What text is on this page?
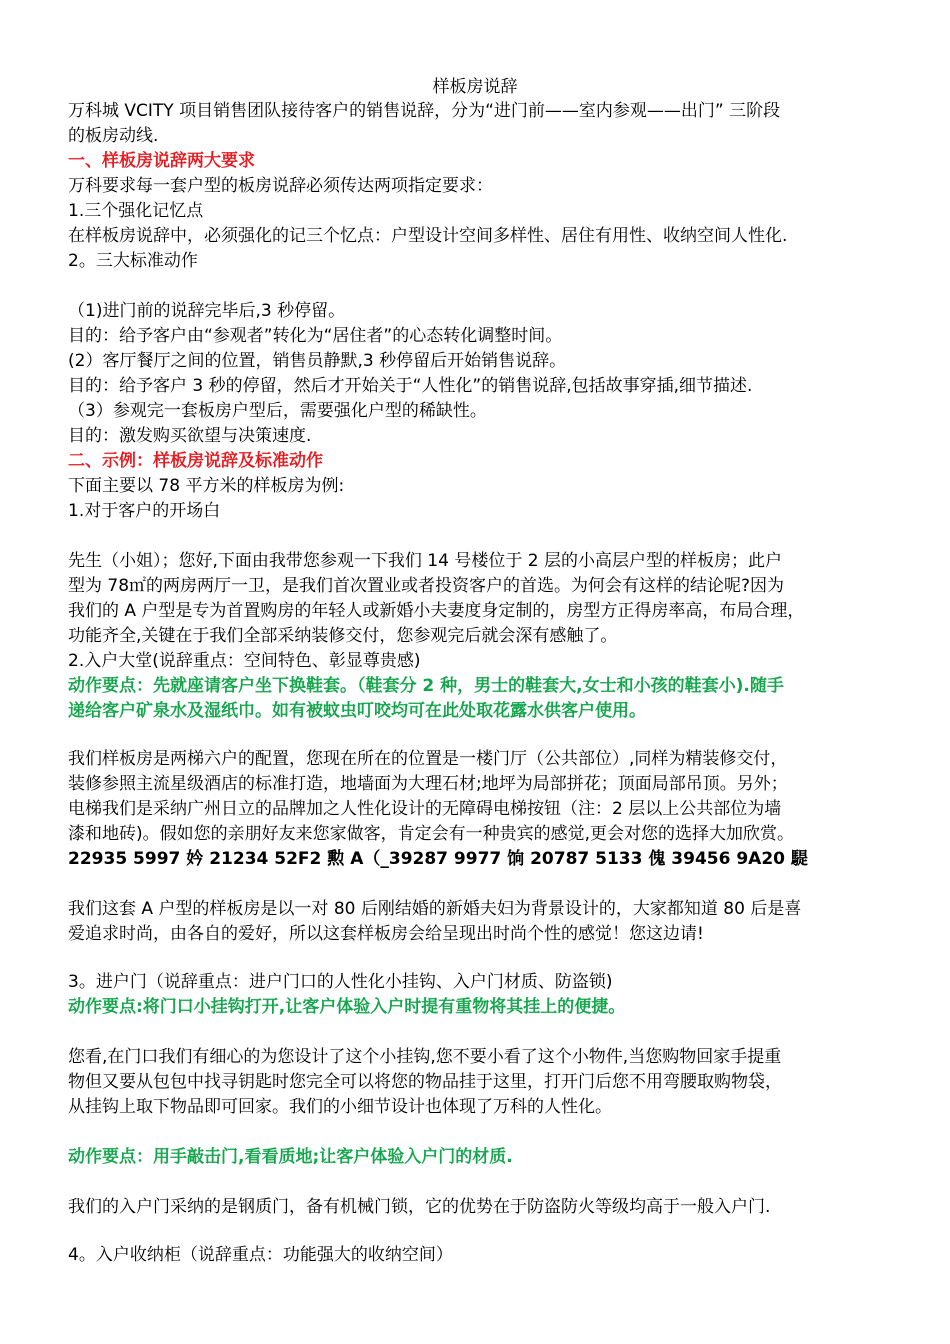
样板房说辞
万科城 VCITY 项目销售团队接待客户的销售说辞，分为“进门前——室内参观——出门” 三阶段
的板房动线.
一、样板房说辞两大要求
万科要求每一套户型的板房说辞必须传达两项指定要求：
1.三个强化记忆点
在样板房说辞中，必须强化的记三个忆点：户型设计空间多样性、居住有用性、收纳空间人性化.
2。三大标准动作
（1)进门前的说辞完毕后,3 秒停留。
目的：给予客户由“参观者”转化为“居住者”的心态转化调整时间。
(2）客厅餐厅之间的位置，销售员静默,3 秒停留后开始销售说辞。
目的：给予客户 3 秒的停留，然后才开始关于“人性化”的销售说辞,包括故事穿插,细节描述.
（3）参观完一套板房户型后，需要强化户型的稀缺性。
目的：激发购买欲望与决策速度.
二、示例：样板房说辞及标准动作
下面主要以 78 平方米的样板房为例:
1.对于客户的开场白
先生（小姐）；您好,下面由我带您参观一下我们 14 号楼位于 2 层的小高层户型的样板房；此户
型为 78㎡的两房两厅一卫，是我们首次置业或者投资客户的首选。为何会有这样的结论呢?因为
我们的 A 户型是专为首置购房的年轻人或新婚小夫妻度身定制的，房型方正得房率高，布局合理，
功能齐全,关键在于我们全部采纳装修交付，您参观完后就会深有感触了。
2.入户大堂(说辞重点：空间特色、彰显尊贵感)
动作要点：先就座请客户坐下换鞋套。（鞋套分 2 种，男士的鞋套大,女士和小孩的鞋套小).随手
递给客户矿泉水及湿纸巾。如有被蚊虫叮咬均可在此处取花露水供客户使用。
我们样板房是两梯六户的配置，您现在所在的位置是一楼门厅（公共部位）,同样为精装修交付，
装修参照主流星级酒店的标准打造，地墙面为大理石材;地坪为局部拼花；顶面局部吊顶。另外；
电梯我们是采纳广州日立的品牌加之人性化设计的无障碍电梯按钮（注：2 层以上公共部位为墙
漆和地砖)。假如您的亲朋好友来您家做客，肯定会有一种贵宾的感觉,更会对您的选择大加欣赏。
22935 5997 妗 21234 52F2 勲 A（_39287 9977 饷 20787 5133 傀 39456 9A20 騠
我们这套 A 户型的样板房是以一对 80 后刚结婚的新婚夫妇为背景设计的，大家都知道 80 后是喜
爱追求时尚，由各自的爱好，所以这套样板房会给呈现出时尚个性的感觉！您这边请!
3。进户门（说辞重点：进户门口的人性化小挂钩、入户门材质、防盗锁)
动作要点:将门口小挂钩打开,让客户体验入户时提有重物将其挂上的便捷。
您看,在门口我们有细心的为您设计了这个小挂钩,您不要小看了这个小物件,当您购物回家手提重
物但又要从包包中找寻钥匙时您完全可以将您的物品挂于这里，打开门后您不用弯腰取购物袋，
从挂钩上取下物品即可回家。我们的小细节设计也体现了万科的人性化。
动作要点：用手敲击门,看看质地;让客户体验入户门的材质.
我们的入户门采纳的是钢质门，备有机械门锁，它的优势在于防盗防火等级均高于一般入户门.
4。入户收纳柜（说辞重点：功能强大的收纳空间）
